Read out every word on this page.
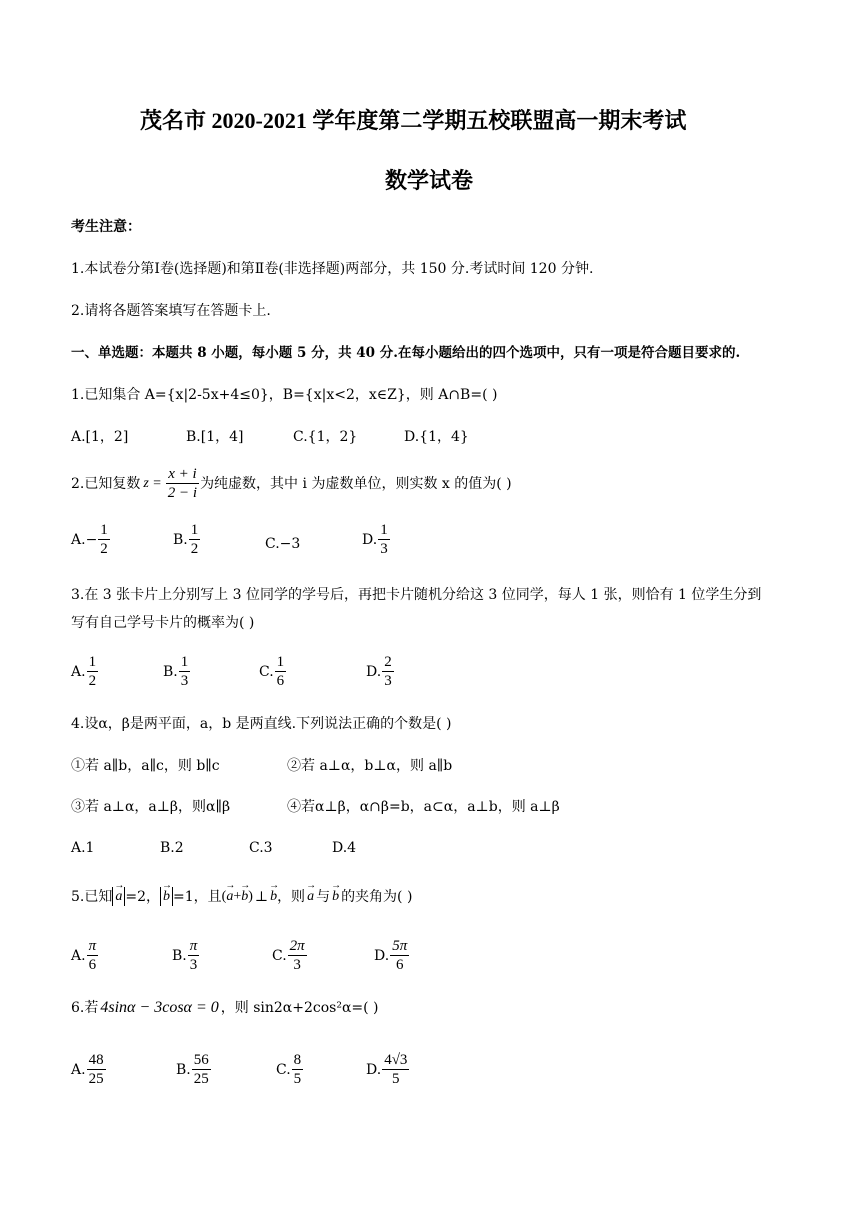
茂名市 2020-2021 学年度第二学期五校联盟高一期末考试
数学试卷
考生注意：
1.本试卷分第Ⅰ卷(选择题)和第Ⅱ卷(非选择题)两部分，共 150 分.考试时间 120 分钟.
2.请将各题答案填写在答题卡上.
一、单选题：本题共 8 小题，每小题 5 分，共 40 分.在每小题给出的四个选项中，只有一项是符合题目要求的.
1.已知集合 A={x|2-5x+4≤0}，B={x|x<2，x∈Z}，则 A∩B=( )
A.[1，2]	B.[1，4]	C.{1，2}	D.{1，4}
2.已知复数 $z = \frac{x + i}{2 - i}$ 为纯虚数，其中 i 为虚数单位，则实数 x 的值为( )
A. − $\frac{1}{2}$	B. $\frac{1}{2}$	C.−3	D. $\frac{1}{3}$
3.在 3 张卡片上分别写上 3 位同学的学号后，再把卡片随机分给这 3 位同学，每人 1 张，则恰有 1 位学生分到
写有自己学号卡片的概率为( )
A. $\frac{1}{2}$	B. $\frac{1}{3}$	C. $\frac{1}{6}$	D. $\frac{2}{3}$
4.设α，β是两平面，a，b 是两直线.下列说法正确的个数是( )
①若 a∥b，a∥c，则 b∥c	②若 a⊥α，b⊥α，则 a∥b
③若 a⊥α，a⊥β，则α∥β	④若α⊥β，α∩β=b，a⊂α，a⊥b，则 a⊥β
A.1	B.2	C.3	D.4
5.已知 → a =2， → b =1，且 (→ a+→ b) ⊥ → b ，则 → a 与 → b 的夹角为( )
A. $\frac{\pi}{6}$	B. $\frac{\pi}{3}$	C. $\frac{2\pi}{3}$	D. $\frac{5\pi}{6}$
6.若 4sinα − 3cosα = 0 ，则 sin2α+2cos²α=( )
A. $\frac{48}{25}$	B. $\frac{56}{25}$	C. $\frac{8}{5}$	D. $\frac{4√3}{5}$
